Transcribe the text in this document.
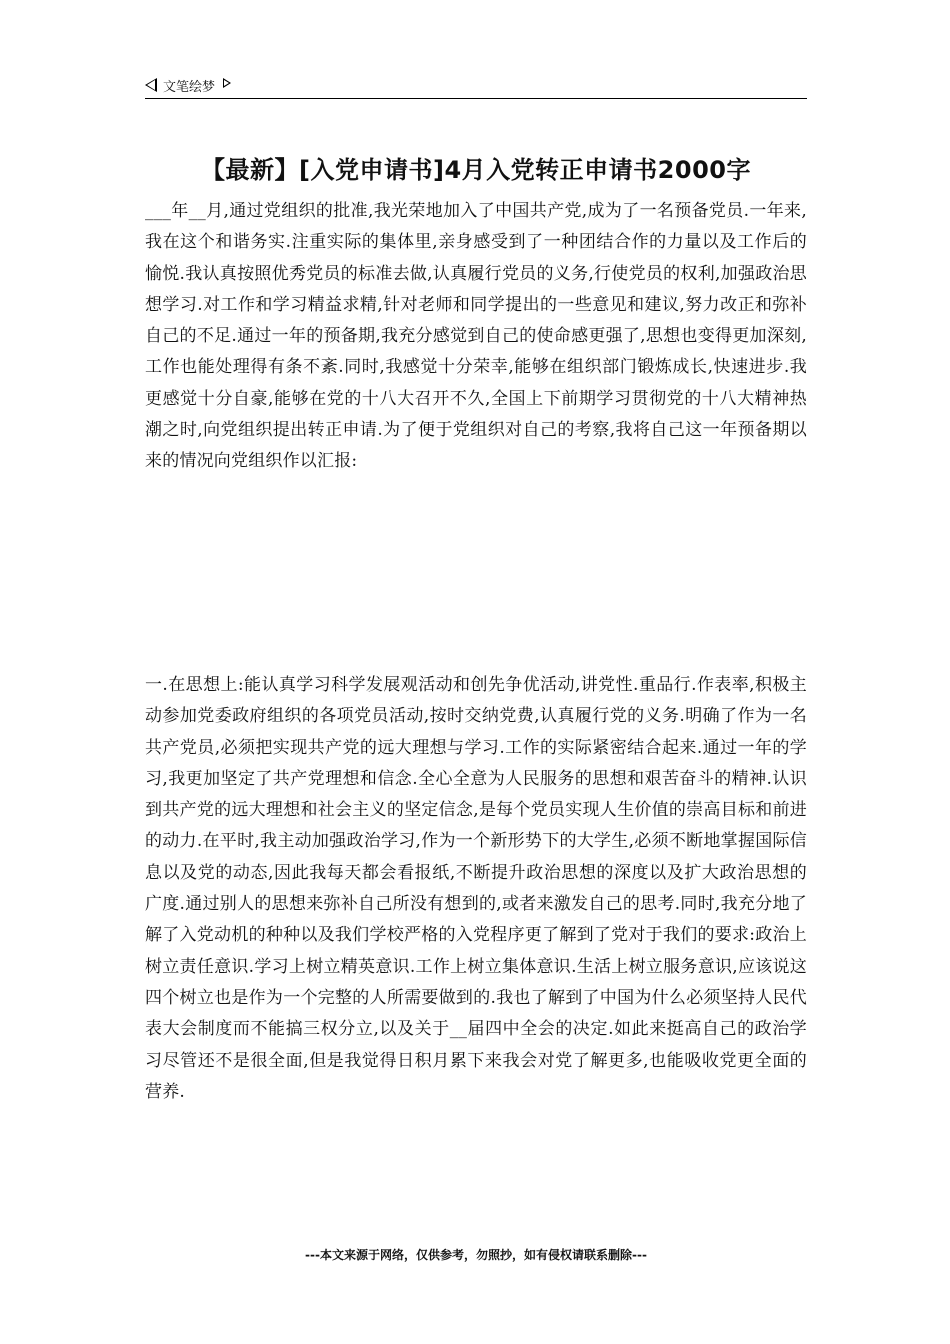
文笔绘梦
【最新】[入党申请书]4月入党转正申请书2000字
___年__月,通过党组织的批准,我光荣地加入了中国共产党,成为了一名预备党员.一年来,我在这个和谐务实.注重实际的集体里,亲身感受到了一种团结合作的力量以及工作后的愉悦.我认真按照优秀党员的标准去做,认真履行党员的义务,行使党员的权利,加强政治思想学习.对工作和学习精益求精,针对老师和同学提出的一些意见和建议,努力改正和弥补自己的不足.通过一年的预备期,我充分感觉到自己的使命感更强了,思想也变得更加深刻,工作也能处理得有条不紊.同时,我感觉十分荣幸,能够在组织部门锻炼成长,快速进步.我更感觉十分自豪,能够在党的十八大召开不久,全国上下前期学习贯彻党的十八大精神热潮之时,向党组织提出转正申请.为了便于党组织对自己的考察,我将自己这一年预备期以来的情况向党组织作以汇报:
一.在思想上:能认真学习科学发展观活动和创先争优活动,讲党性.重品行.作表率,积极主动参加党委政府组织的各项党员活动,按时交纳党费,认真履行党的义务.明确了作为一名共产党员,必须把实现共产党的远大理想与学习.工作的实际紧密结合起来.通过一年的学习,我更加坚定了共产党理想和信念.全心全意为人民服务的思想和艰苦奋斗的精神.认识到共产党的远大理想和社会主义的坚定信念,是每个党员实现人生价值的崇高目标和前进的动力.在平时,我主动加强政治学习,作为一个新形势下的大学生,必须不断地掌握国际信息以及党的动态,因此我每天都会看报纸,不断提升政治思想的深度以及扩大政治思想的广度.通过别人的思想来弥补自己所没有想到的,或者来激发自己的思考.同时,我充分地了解了入党动机的种种以及我们学校严格的入党程序更了解到了党对于我们的要求:政治上树立责任意识.学习上树立精英意识.工作上树立集体意识.生活上树立服务意识,应该说这四个树立也是作为一个完整的人所需要做到的.我也了解到了中国为什么必须坚持人民代表大会制度而不能搞三权分立,以及关于__届四中全会的决定.如此来挺高自己的政治学习尽管还不是很全面,但是我觉得日积月累下来我会对党了解更多,也能吸收党更全面的营养.
---本文来源于网络，仅供参考，勿照抄，如有侵权请联系删除---
